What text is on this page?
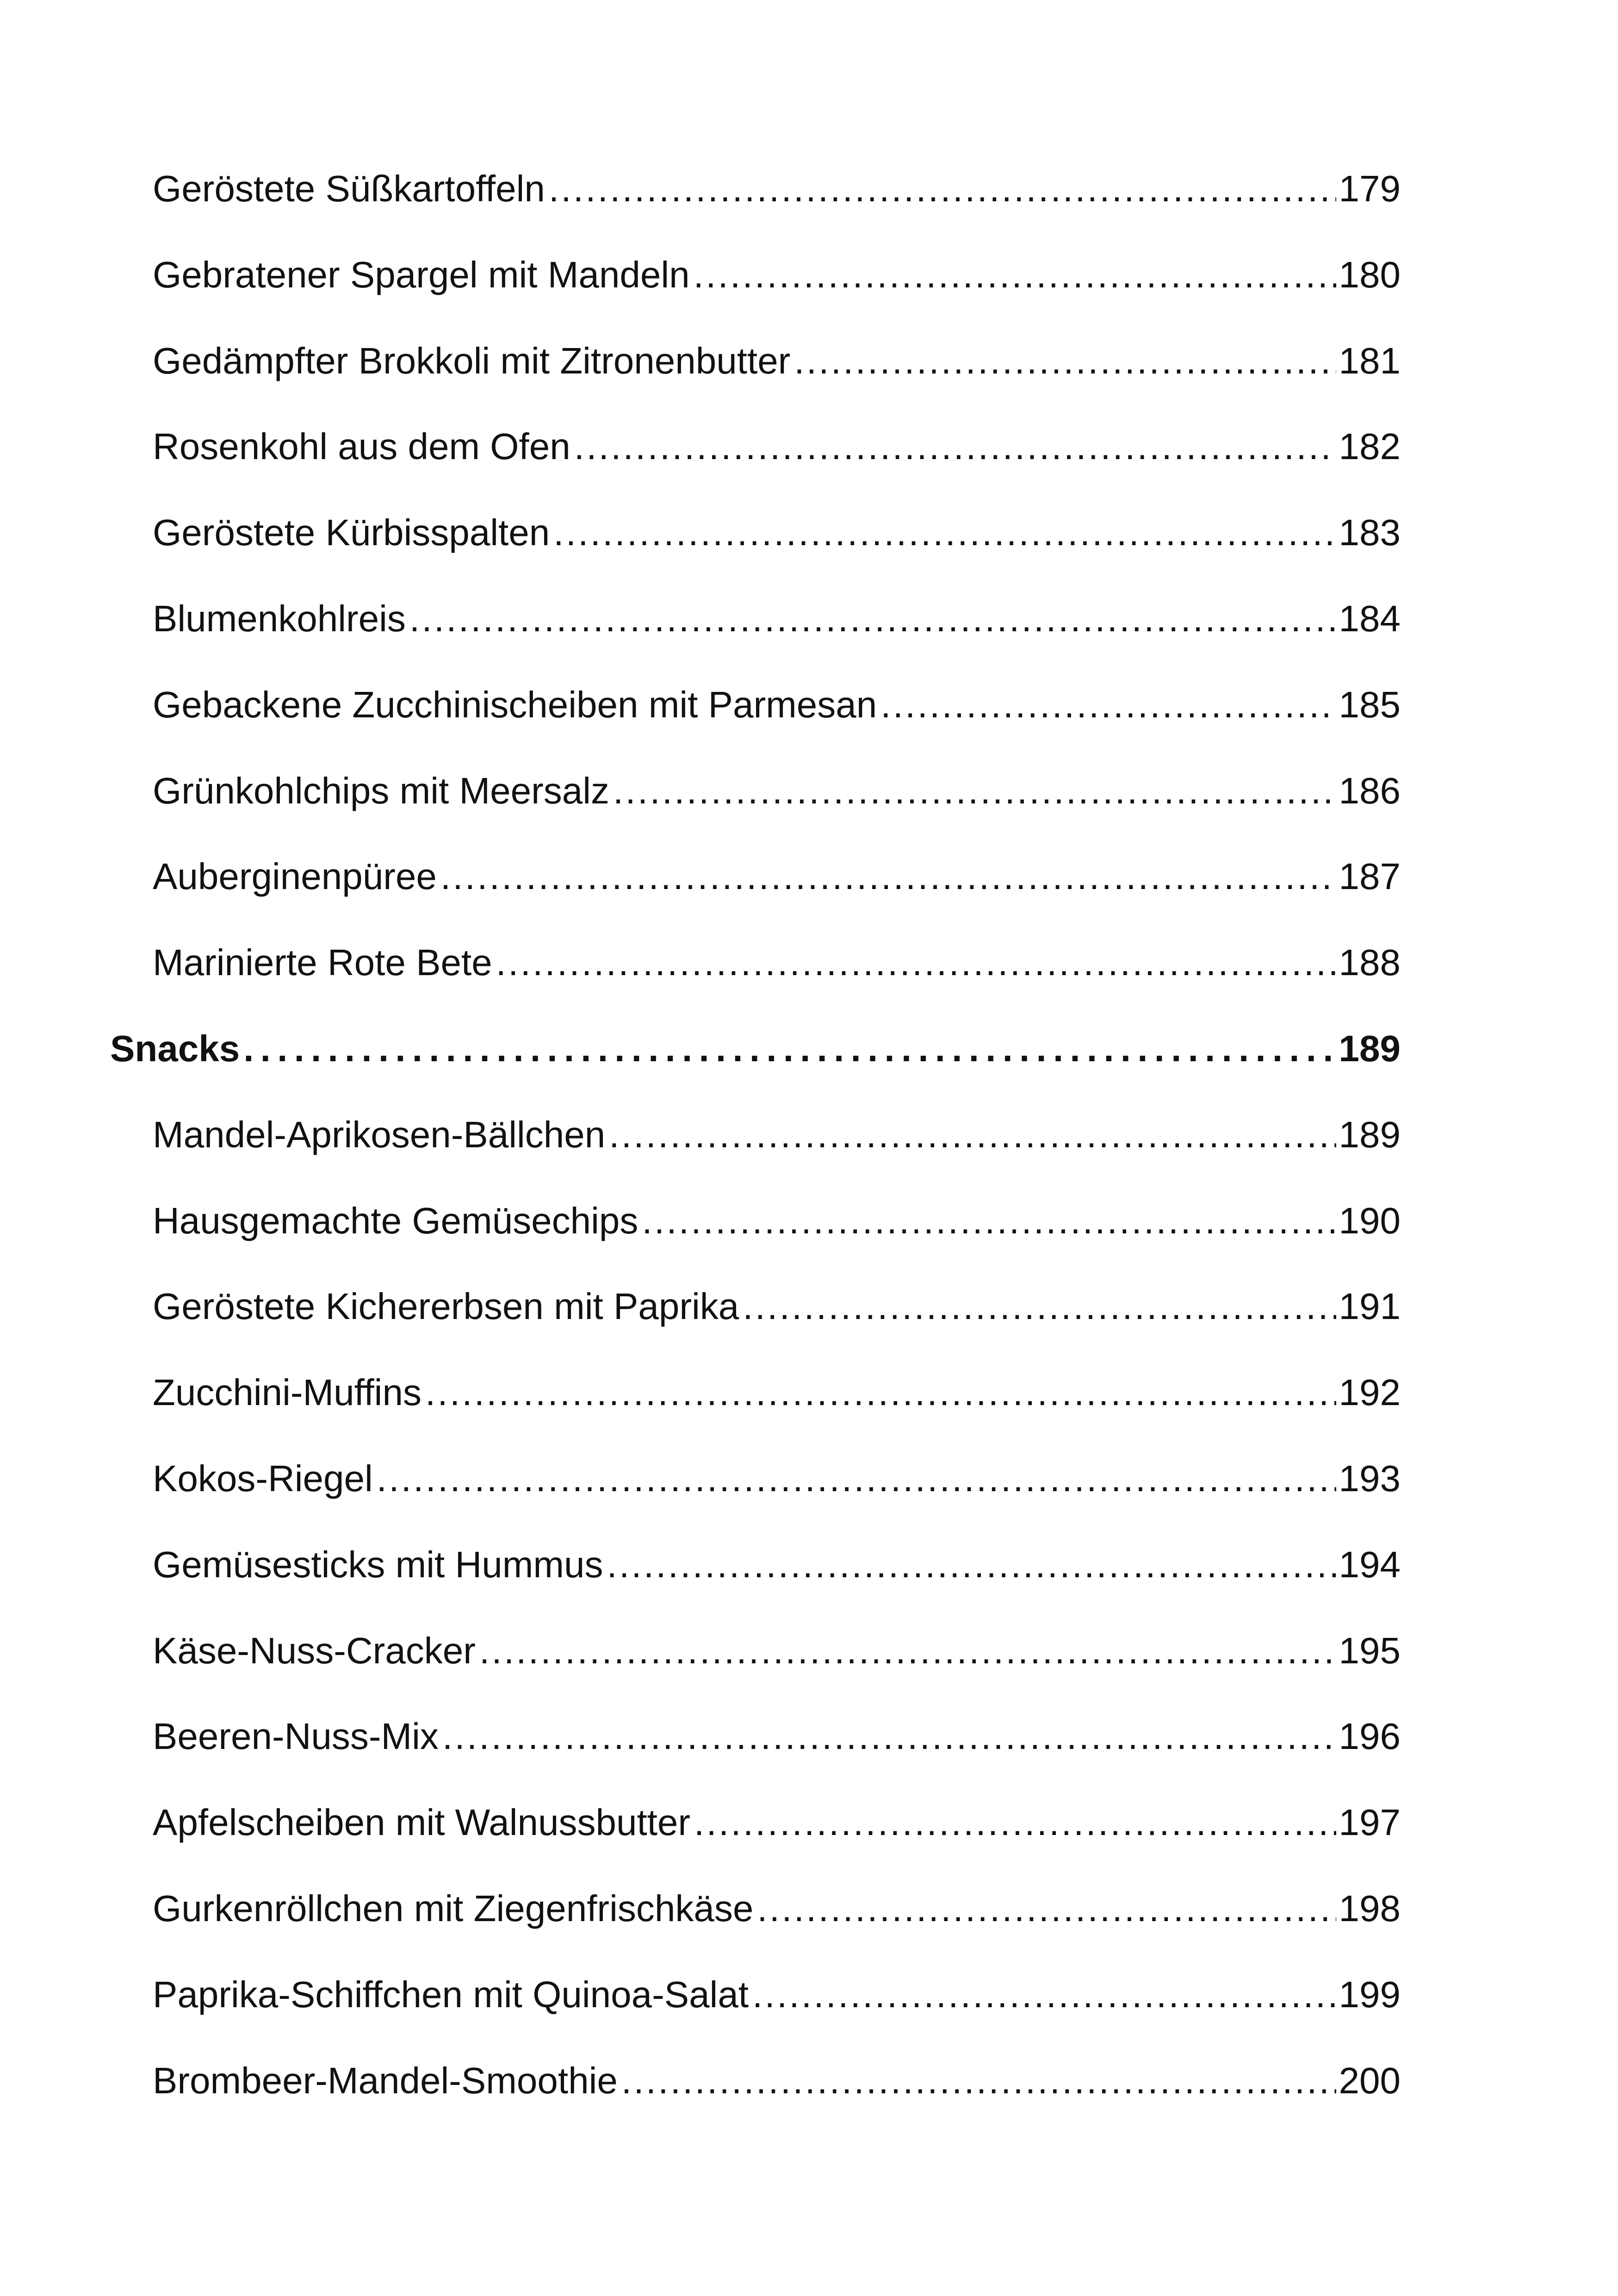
Geröstete Süßkartoffeln . . .	179
Gebratener Spargel mit Mandeln . . .	180
Gedämpfter Brokkoli mit Zitronenbutter . . .	181
Rosenkohl aus dem Ofen . . .	182
Geröstete Kürbisspalten . . .	183
Blumenkohlreis . . .	184
Gebackene Zucchinischeiben mit Parmesan . . .	185
Grünkohlchips mit Meersalz . . .	186
Auberginenpüree . . .	187
Marinierte Rote Bete . . .	188
Snacks . . .	189
Mandel-Aprikosen-Bällchen . . .	189
Hausgemachte Gemüsechips . . .	190
Geröstete Kichererbsen mit Paprika . . .	191
Zucchini-Muffins . . .	192
Kokos-Riegel . . .	193
Gemüsesticks mit Hummus . . .	194
Käse-Nuss-Cracker . . .	195
Beeren-Nuss-Mix . . .	196
Apfelscheiben mit Walnussbutter . . .	197
Gurkenröllchen mit Ziegenfrischkäse . . .	198
Paprika-Schiffchen mit Quinoa-Salat . . .	199
Brombeer-Mandel-Smoothie . . .	200
